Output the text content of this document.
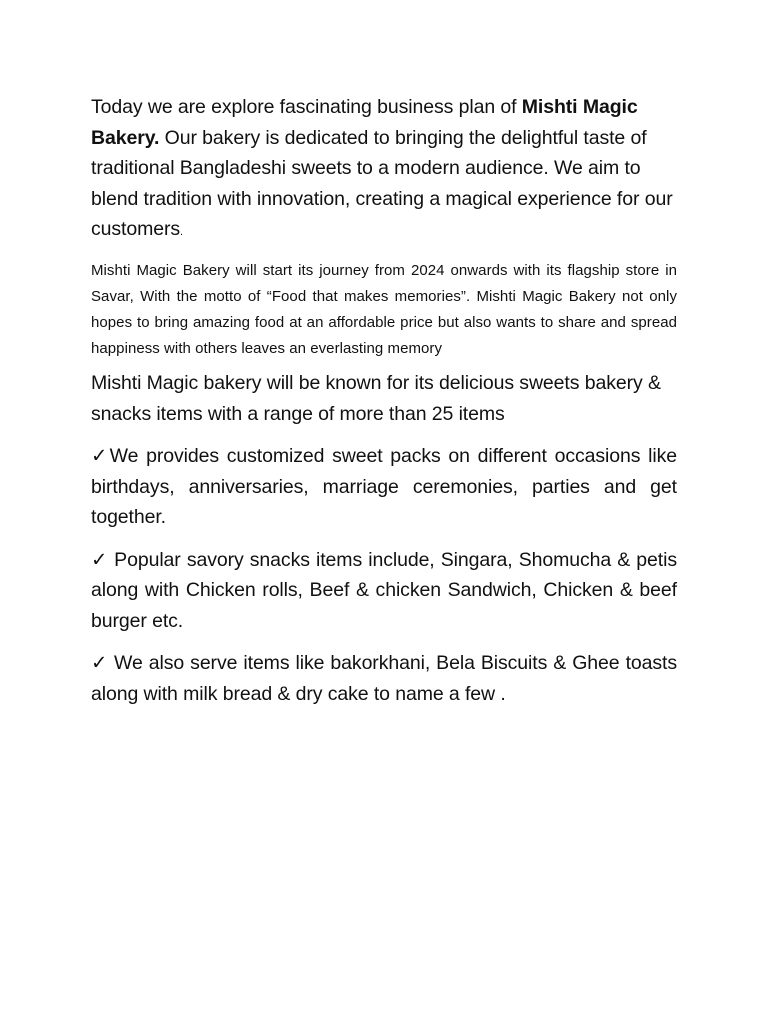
Today we are explore fascinating business plan of Mishti Magic Bakery. Our bakery is dedicated to bringing the delightful taste of traditional Bangladeshi sweets to a modern audience. We aim to blend tradition with innovation, creating a magical experience for our customers.

Mishti Magic Bakery will start its journey from 2024 onwards with its flagship store in Savar, With the motto of “Food that makes memories”. Mishti Magic Bakery not only hopes to bring amazing food at an affordable price but also wants to share and spread happiness with others leaves an everlasting memory

Mishti Magic bakery will be known for its delicious sweets bakery & snacks items with a range of more than 25 items

✓We provides customized sweet packs on different occasions like birthdays, anniversaries, marriage ceremonies, parties and get together.

✓ Popular savory snacks items include, Singara, Shomucha & petis along with Chicken rolls, Beef & chicken Sandwich, Chicken & beef burger etc.

✓ We also serve items like bakorkhani, Bela Biscuits & Ghee toasts along with milk bread & dry cake to name a few .
